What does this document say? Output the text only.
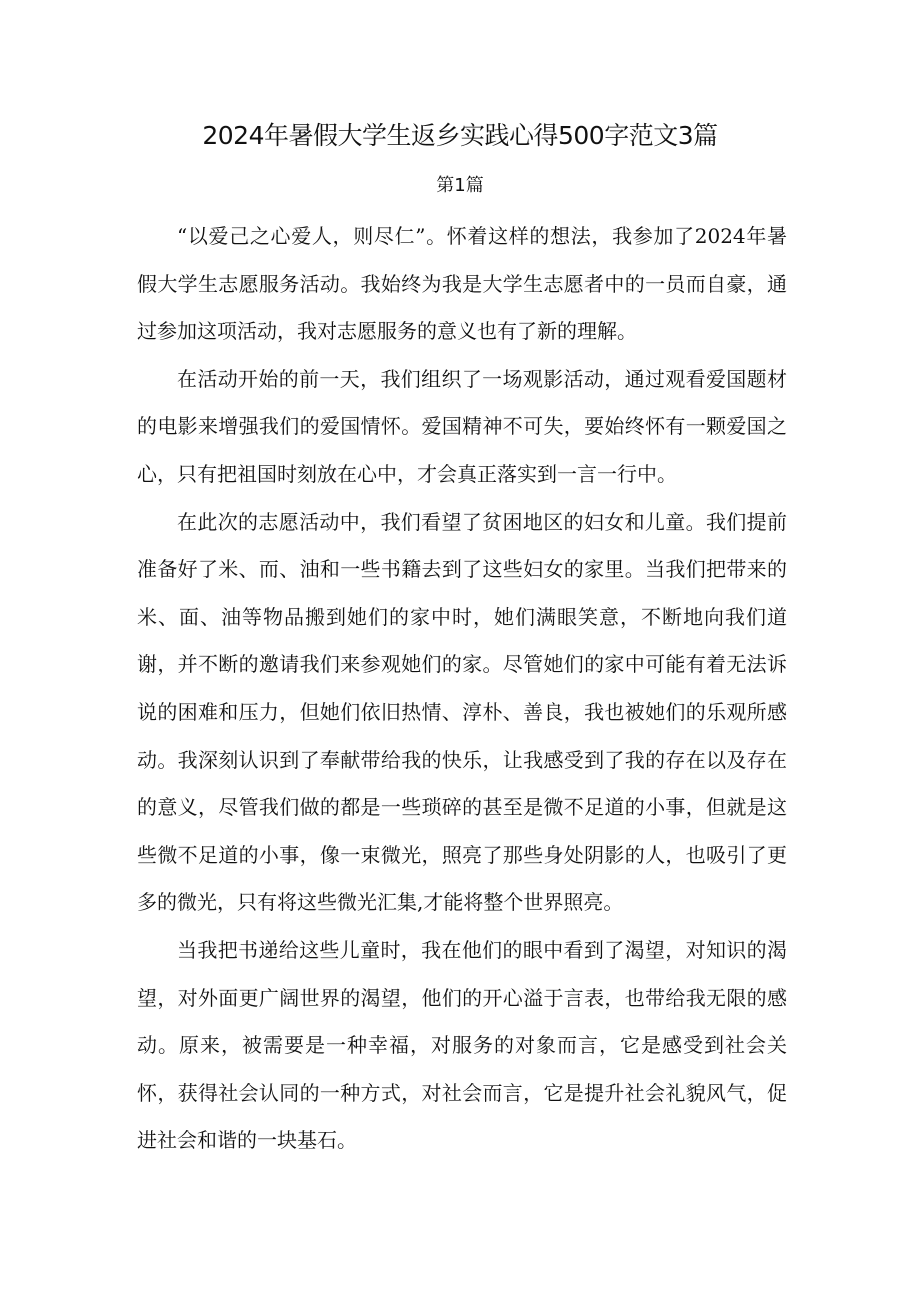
2024年暑假大学生返乡实践心得500字范文3篇
第1篇

“以爱己之心爱人，则尽仁”。怀着这样的想法，我参加了2024年暑假大学生志愿服务活动。我始终为我是大学生志愿者中的一员而自豪，通过参加这项活动，我对志愿服务的意义也有了新的理解。

在活动开始的前一天，我们组织了一场观影活动，通过观看爱国题材的电影来增强我们的爱国情怀。爱国精神不可失，要始终怀有一颗爱国之心，只有把祖国时刻放在心中，才会真正落实到一言一行中。

在此次的志愿活动中，我们看望了贫困地区的妇女和儿童。我们提前准备好了米、而、油和一些书籍去到了这些妇女的家里。当我们把带来的米、面、油等物品搬到她们的家中时，她们满眼笑意，不断地向我们道谢，并不断的邀请我们来参观她们的家。尽管她们的家中可能有着无法诉说的困难和压力，但她们依旧热情、淳朴、善良，我也被她们的乐观所感动。我深刻认识到了奉献带给我的快乐，让我感受到了我的存在以及存在的意义，尽管我们做的都是一些琐碎的甚至是微不足道的小事，但就是这些微不足道的小事，像一束微光，照亮了那些身处阴影的人，也吸引了更多的微光，只有将这些微光汇集,才能将整个世界照亮。

当我把书递给这些儿童时，我在他们的眼中看到了渴望，对知识的渴望，对外面更广阔世界的渴望，他们的开心溢于言表，也带给我无限的感动。原来，被需要是一种幸福，对服务的对象而言，它是感受到社会关怀，获得社会认同的一种方式，对社会而言，它是提升社会礼貌风气，促进社会和谐的一块基石。
